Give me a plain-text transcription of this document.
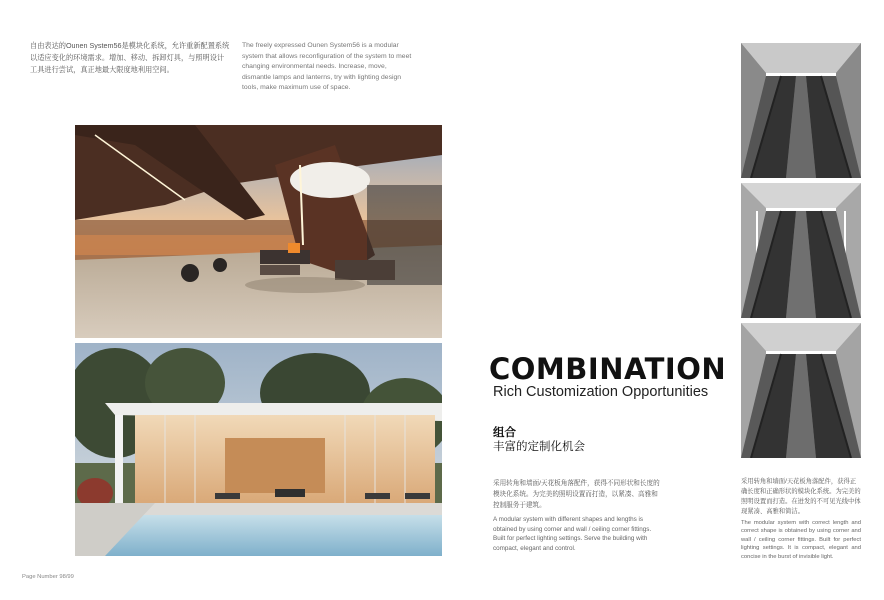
自由表达的Ounen System56是模块化系统，允许重新配置系统以适应变化的环境需求。增加、移动、拆卸灯具，与照明设计工具进行尝试，真正地最大限度地利用空间。
The freely expressed Ounen System56 is a modular system that allows reconfiguration of the system to meet changing environmental needs. Increase, move, dismantle lamps and lanterns, try with lighting design tools, make maximum use of space.
COMBINATION
Rich Customization Opportunities
组合
丰富的定制化机会
采用转角和墙面/天花板角落配件，获得不同形状和长度的模块化系统。为完美的照明设置而打造，以紧凑、高雅和控制服务于建筑。
A modular system with different shapes and lengths is obtained by using corner and wall / ceiling corner fittings. Built for perfect lighting settings. Serve the building with compact, elegant and control.
采用转角和墙面/天花板角落配件，获得正确长度和正确形状的模块化系统。为完美的照明设置而打造。在迸发的不可见光线中体现紧凑、高雅和简洁。
The modular system with correct length and correct shape is obtained by using corner and wall / ceiling corner fittings. Built for perfect lighting settings. It is compact, elegant and concise in the burst of invisible light.
Page Number 98/99
